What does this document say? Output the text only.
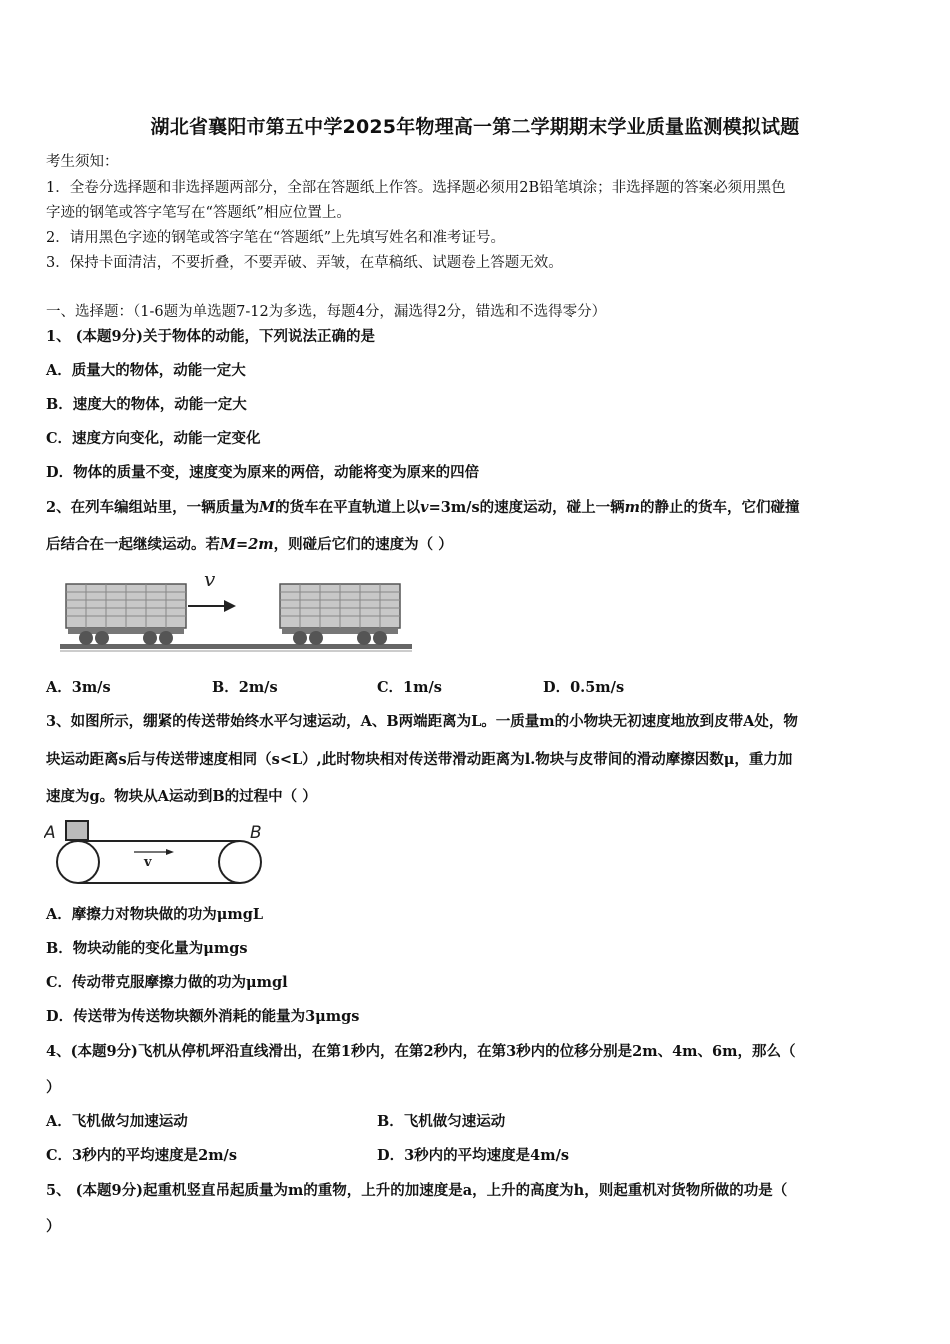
湖北省襄阳市第五中学2025年物理高一第二学期期末学业质量监测模拟试题
考生须知：
1．全卷分选择题和非选择题两部分，全部在答题纸上作答。选择题必须用2B铅笔填涂；非选择题的答案必须用黑色
字迹的钢笔或答字笔写在“答题纸”相应位置上。
2．请用黑色字迹的钢笔或答字笔在“答题纸”上先填写姓名和准考证号。
3．保持卡面清洁，不要折叠，不要弄破、弄皱，在草稿纸、试题卷上答题无效。
一、选择题：（1-6题为单选题7-12为多选，每题4分，漏选得2分，错选和不选得零分）
1、 (本题9分)关于物体的动能，下列说法正确的是
A．质量大的物体，动能一定大
B．速度大的物体，动能一定大
C．速度方向变化，动能一定变化
D．物体的质量不变，速度变为原来的两倍，动能将变为原来的四倍
2、在列车编组站里，一辆质量为M的货车在平直轨道上以v=3m/s的速度运动，碰上一辆m的静止的货车，它们碰撞
后结合在一起继续运动。若M=2m，则碰后它们的速度为（ ）
v
A．3m/s	B．2m/s	C．1m/s	D．0.5m/s
3、如图所示，绷紧的传送带始终水平匀速运动，A、B两端距离为L。一质量m的小物块无初速度地放到皮带A处，物
块运动距离s后与传送带速度相同（s<L）,此时物块相对传送带滑动距离为l.物块与皮带间的滑动摩擦因数μ，重力加
速度为g。物块从A运动到B的过程中（ ）
A	B
v
A．摩擦力对物块做的功为μmgL
B．物块动能的变化量为μmgs
C．传动带克服摩擦力做的功为μmgl
D．传送带为传送物块额外消耗的能量为3μmgs
4、(本题9分)飞机从停机坪沿直线滑出，在第1秒内，在第2秒内，在第3秒内的位移分别是2m、4m、6m，那么（
）
A．飞机做匀加速运动	B．飞机做匀速运动
C．3秒内的平均速度是2m/s	D．3秒内的平均速度是4m/s
5、 (本题9分)起重机竖直吊起质量为m的重物，上升的加速度是a，上升的高度为h，则起重机对货物所做的功是（
）
